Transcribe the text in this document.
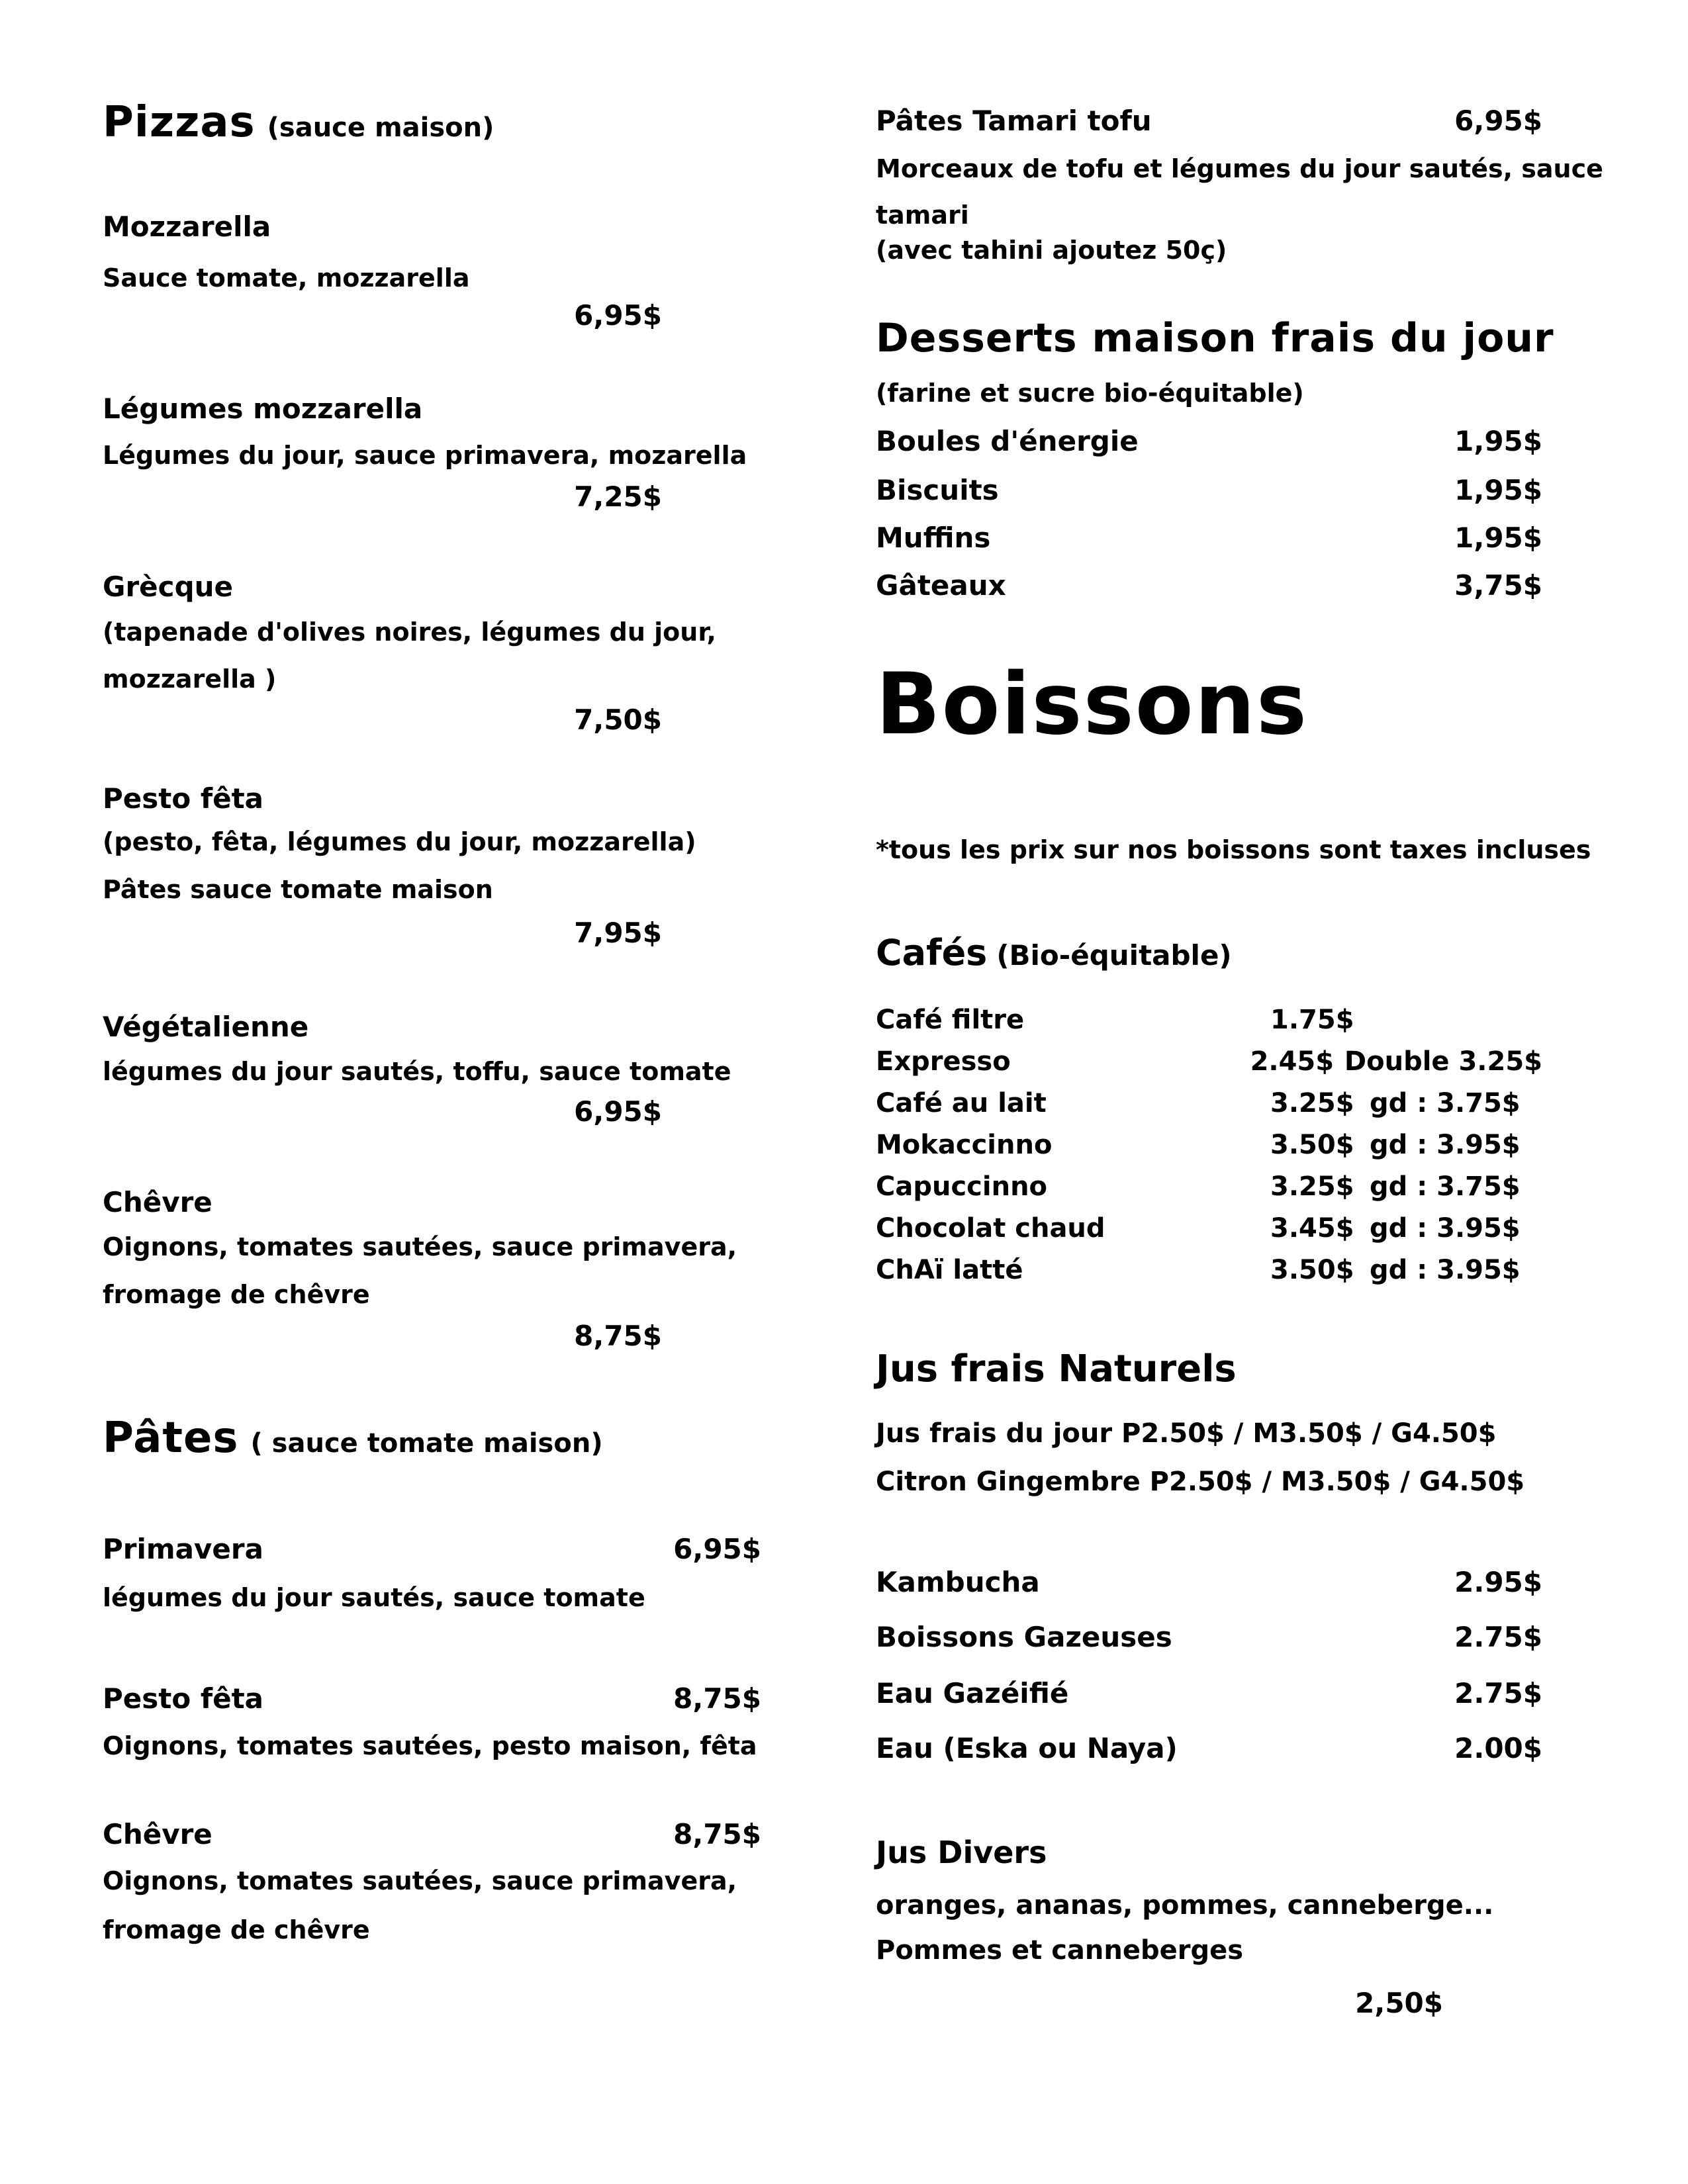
Pizzas (sauce maison)
Mozzarella
Sauce tomate, mozzarella
6,95$
Légumes mozzarella
Légumes du jour, sauce primavera, mozarella
7,25$
Grècque
(tapenade d'olives noires, légumes du jour,
mozzarella )
7,50$
Pesto fêta
(pesto, fêta, légumes du jour, mozzarella)
Pâtes sauce tomate maison
7,95$
Végétalienne
légumes du jour sautés, toffu, sauce tomate
6,95$
Chêvre
Oignons, tomates sautées, sauce primavera,
fromage de chêvre
8,75$
Pâtes ( sauce tomate maison)
Primavera	6,95$
légumes du jour sautés, sauce tomate
Pesto fêta	8,75$
Oignons, tomates sautées, pesto maison, fêta
Chêvre	8,75$
Oignons, tomates sautées, sauce primavera,
fromage de chêvre
Pâtes Tamari tofu	6,95$
Morceaux de tofu et légumes du jour sautés, sauce
tamari
(avec tahini ajoutez 50ç)
Desserts maison frais du jour
(farine et sucre bio-équitable)
Boules d'énergie	1,95$
Biscuits	1,95$
Muffins	1,95$
Gâteaux	3,75$
Boissons
*tous les prix sur nos boissons sont taxes incluses
Cafés (Bio-équitable)
Café filtre	1.75$
Expresso	2.45$ Double 3.25$
Café au lait	3.25$ gd : 3.75$
Mokaccinno	3.50$ gd : 3.95$
Capuccinno	3.25$ gd : 3.75$
Chocolat chaud	3.45$ gd : 3.95$
ChAï latté	3.50$ gd : 3.95$
Jus frais Naturels
Jus frais du jour P2.50$ / M3.50$ / G4.50$
Citron Gingembre P2.50$ / M3.50$ / G4.50$
Kambucha	2.95$
Boissons Gazeuses	2.75$
Eau Gazéifié	2.75$
Eau (Eska ou Naya)	2.00$
Jus Divers
oranges, ananas, pommes, canneberge...
Pommes et canneberges
2,50$
